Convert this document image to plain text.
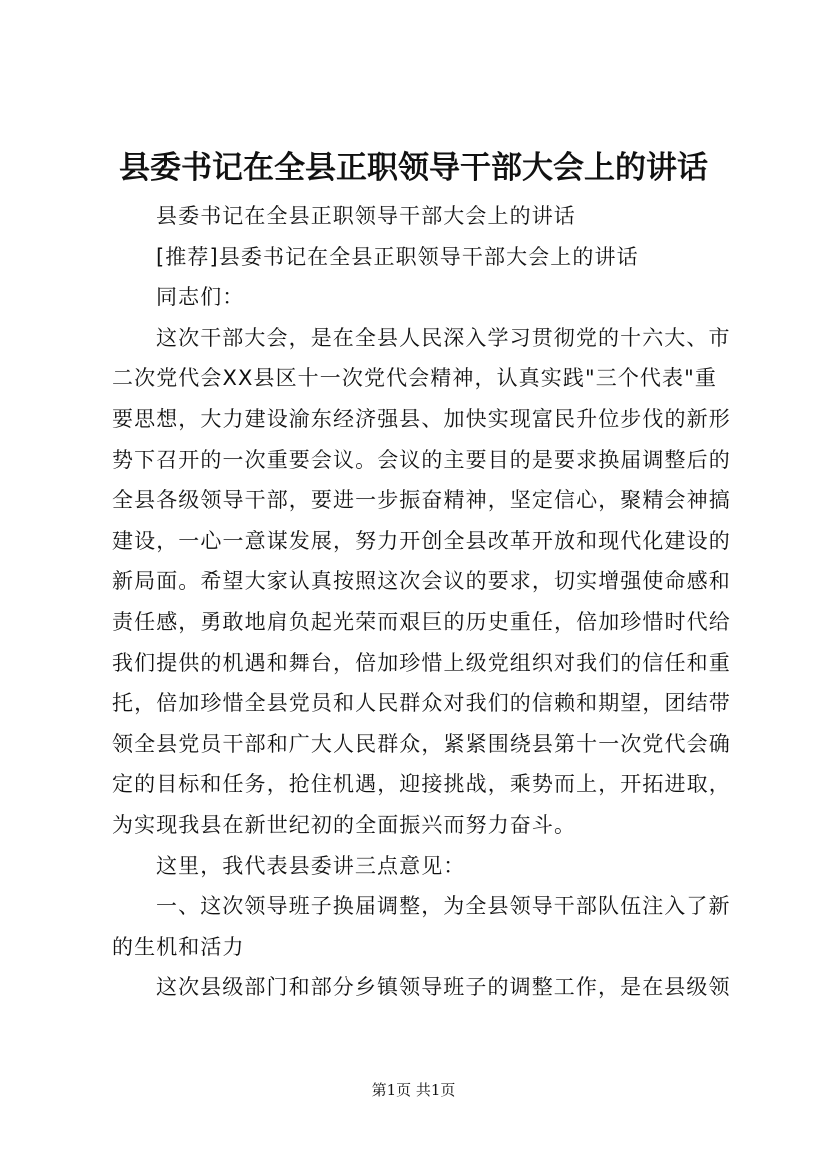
县委书记在全县正职领导干部大会上的讲话
县委书记在全县正职领导干部大会上的讲话
[推荐]县委书记在全县正职领导干部大会上的讲话
同志们：
这次干部大会，是在全县人民深入学习贯彻党的十六大、市
二次党代会XX县区十一次党代会精神，认真实践"三个代表"重
要思想，大力建设渝东经济强县、加快实现富民升位步伐的新形
势下召开的一次重要会议。会议的主要目的是要求换届调整后的
全县各级领导干部，要进一步振奋精神，坚定信心，聚精会神搞
建设，一心一意谋发展，努力开创全县改革开放和现代化建设的
新局面。希望大家认真按照这次会议的要求，切实增强使命感和
责任感，勇敢地肩负起光荣而艰巨的历史重任，倍加珍惜时代给
我们提供的机遇和舞台，倍加珍惜上级党组织对我们的信任和重
托，倍加珍惜全县党员和人民群众对我们的信赖和期望，团结带
领全县党员干部和广大人民群众，紧紧围绕县第十一次党代会确
定的目标和任务，抢住机遇，迎接挑战，乘势而上，开拓进取，
为实现我县在新世纪初的全面振兴而努力奋斗。
这里，我代表县委讲三点意见：
一、这次领导班子换届调整，为全县领导干部队伍注入了新
的生机和活力
这次县级部门和部分乡镇领导班子的调整工作，是在县级领
第1页 共1页
